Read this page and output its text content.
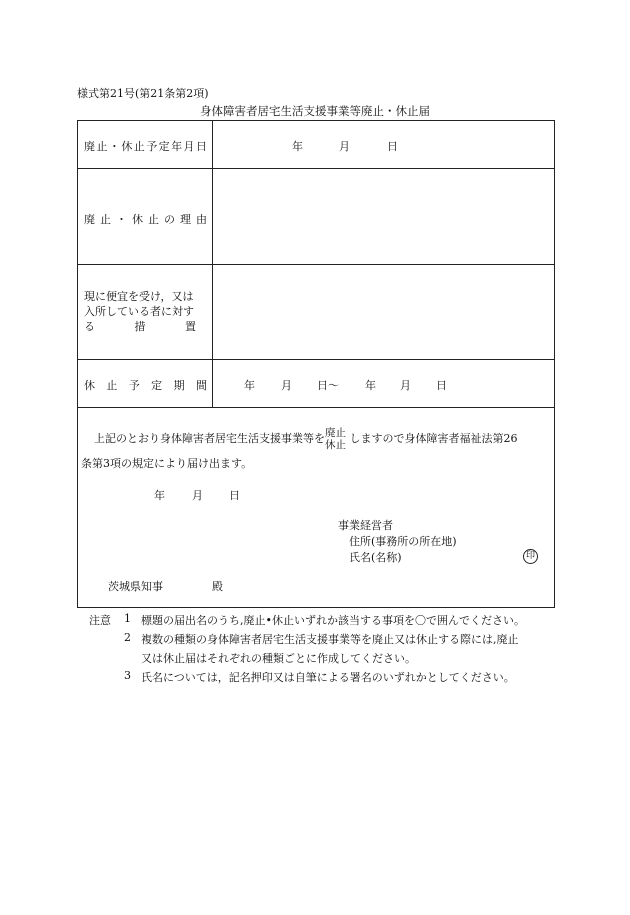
様式第21号(第21条第2項)
身体障害者居宅生活支援事業等廃止・休止届
廃 止 ・ 休 止 予 定 年 月 日	年	月	日
廃 止 ・ 休 止 の 理 由
現に便宜を受け，又は
入所している者に対す
る	措	置
休 止 予 定 期 間	年 月 日〜 年 月 日
上記のとおり身体障害者居宅生活支援事業等を廃止
休止 しますので身体障害者福祉法第26
条第3項の規定により届け出ます。
年 月 日
事業経営者
住所(事務所の所在地)
氏名(名称)	印
茨城県知事	殿
注意 1 標題の届出名のうち,廃止•休止いずれか該当する事項を〇で囲んでください。
2 複数の種類の身体障害者居宅生活支援事業等を廃止又は休止する際には,廃止
又は休止届はそれぞれの種類ごとに作成してください。
3 氏名については，記名押印又は自筆による署名のいずれかとしてください。
